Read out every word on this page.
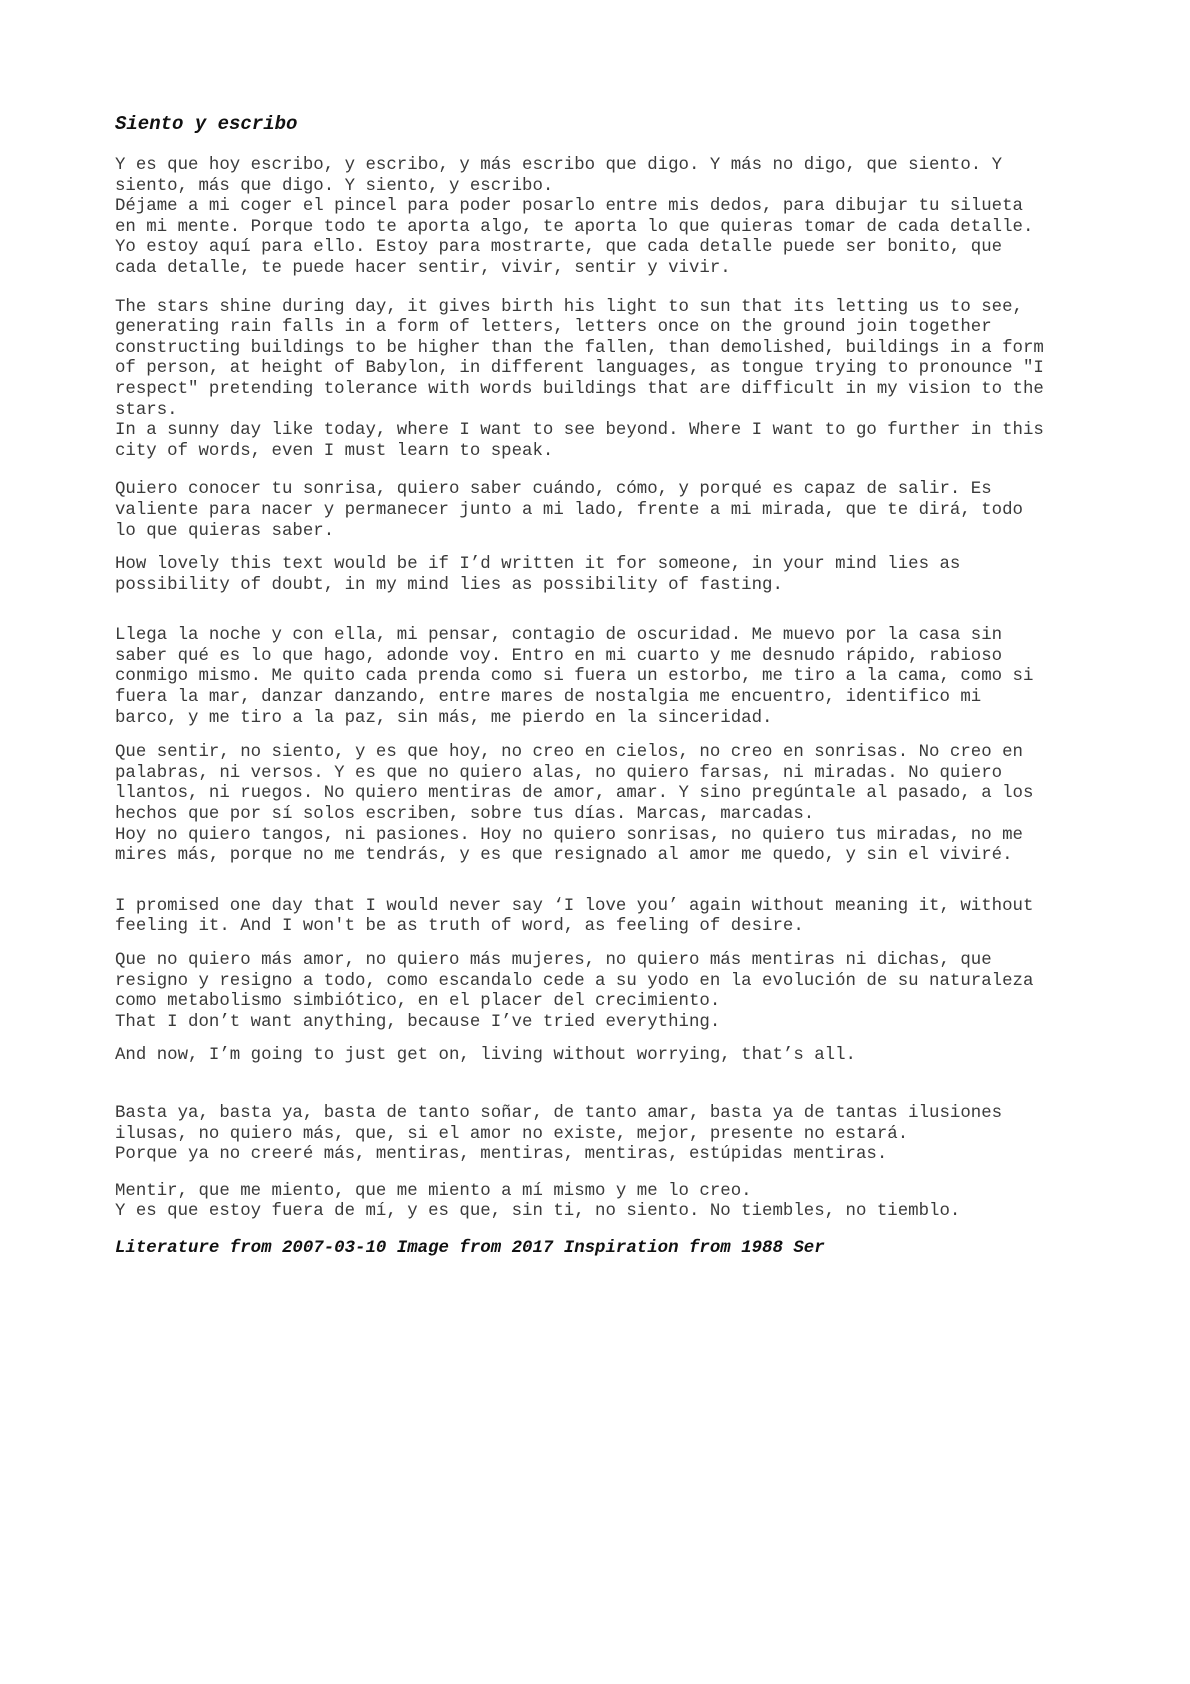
Siento y escribo

Y es que hoy escribo, y escribo, y más escribo que digo. Y más no digo, que siento. Y
siento, más que digo. Y siento, y escribo.
Déjame a mi coger el pincel para poder posarlo entre mis dedos, para dibujar tu silueta
en mi mente. Porque todo te aporta algo, te aporta lo que quieras tomar de cada detalle.
Yo estoy aquí para ello. Estoy para mostrarte, que cada detalle puede ser bonito, que
cada detalle, te puede hacer sentir, vivir, sentir y vivir.

The stars shine during day, it gives birth his light to sun that its letting us to see,
generating rain falls in a form of letters, letters once on the ground join together
constructing buildings to be higher than the fallen, than demolished, buildings in a form
of person, at height of Babylon, in different languages, as tongue trying to pronounce "I
respect" pretending tolerance with words buildings that are difficult in my vision to the
stars.
In a sunny day like today, where I want to see beyond. Where I want to go further in this
city of words, even I must learn to speak.

Quiero conocer tu sonrisa, quiero saber cuándo, cómo, y porqué es capaz de salir. Es
valiente para nacer y permanecer junto a mi lado, frente a mi mirada, que te dirá, todo
lo que quieras saber.

How lovely this text would be if I’d written it for someone, in your mind lies as
possibility of doubt, in my mind lies as possibility of fasting.

Llega la noche y con ella, mi pensar, contagio de oscuridad. Me muevo por la casa sin
saber qué es lo que hago, adonde voy. Entro en mi cuarto y me desnudo rápido, rabioso
conmigo mismo. Me quito cada prenda como si fuera un estorbo, me tiro a la cama, como si
fuera la mar, danzar danzando, entre mares de nostalgia me encuentro, identifico mi
barco, y me tiro a la paz, sin más, me pierdo en la sinceridad.

Que sentir, no siento, y es que hoy, no creo en cielos, no creo en sonrisas. No creo en
palabras, ni versos. Y es que no quiero alas, no quiero farsas, ni miradas. No quiero
llantos, ni ruegos. No quiero mentiras de amor, amar. Y sino pregúntale al pasado, a los
hechos que por sí solos escriben, sobre tus días. Marcas, marcadas.
Hoy no quiero tangos, ni pasiones. Hoy no quiero sonrisas, no quiero tus miradas, no me
mires más, porque no me tendrás, y es que resignado al amor me quedo, y sin el viviré.

I promised one day that I would never say ‘I love you’ again without meaning it, without
feeling it. And I won't be as truth of word, as feeling of desire.

Que no quiero más amor, no quiero más mujeres, no quiero más mentiras ni dichas, que
resigno y resigno a todo, como escandalo cede a su yodo en la evolución de su naturaleza
como metabolismo simbiótico, en el placer del crecimiento.
That I don’t want anything, because I’ve tried everything.

And now, I’m going to just get on, living without worrying, that’s all.

Basta ya, basta ya, basta de tanto soñar, de tanto amar, basta ya de tantas ilusiones
ilusas, no quiero más, que, si el amor no existe, mejor, presente no estará.
Porque ya no creeré más, mentiras, mentiras, mentiras, estúpidas mentiras.

Mentir, que me miento, que me miento a mí mismo y me lo creo.
Y es que estoy fuera de mí, y es que, sin ti, no siento. No tiembles, no tiemblo.

Literature from 2007-03-10 Image from 2017 Inspiration from 1988 Ser
